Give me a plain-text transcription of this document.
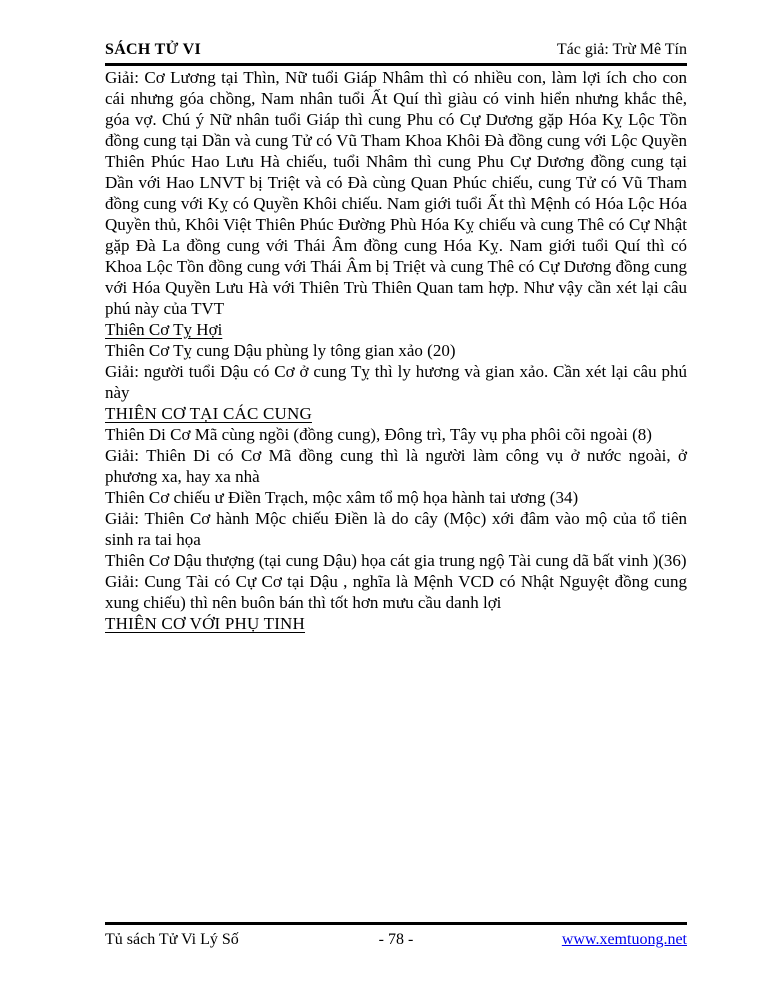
SÁCH TỬ VI	Tác giả: Trừ Mê Tín

Giải: Cơ Lương tại Thìn, Nữ tuổi Giáp Nhâm thì có nhiều con, làm lợi ích cho con cái nhưng góa chồng, Nam nhân tuổi Ất Quí thì giàu có vinh hiển nhưng khắc thê, góa vợ. Chú ý Nữ nhân tuổi Giáp thì cung Phu có Cự Dương gặp Hóa Kỵ Lộc Tồn đồng cung tại Dần và cung Tử có Vũ Tham Khoa Khôi Đà đồng cung với Lộc Quyền Thiên Phúc Hao Lưu Hà chiếu, tuổi Nhâm thì cung Phu Cự Dương đồng cung tại Dần với Hao LNVT bị Triệt và có Đà cùng Quan Phúc chiếu, cung Tử có Vũ Tham đồng cung với Kỵ có Quyền Khôi chiếu. Nam giới tuổi Ất thì Mệnh có Hóa Lộc Hóa Quyền thủ, Khôi Việt Thiên Phúc Đường Phù Hóa Kỵ chiếu và cung Thê có Cự Nhật gặp Đà La đồng cung với Thái Âm đồng cung Hóa Kỵ. Nam giới tuổi Quí thì có Khoa Lộc Tồn đồng cung với Thái Âm bị Triệt và cung Thê có Cự Dương đồng cung với Hóa Quyền Lưu Hà với Thiên Trù Thiên Quan tam hợp. Như vậy cần xét lại câu phú này của TVT

Thiên Cơ Tỵ Hợi

Thiên Cơ Tỵ cung Dậu phùng ly tông gian xảo (20)

Giải: người tuổi Dậu có Cơ ở cung Tỵ thì ly hương và gian xảo. Cần xét lại câu phú này

THIÊN CƠ TẠI CÁC CUNG

Thiên Di Cơ Mã cùng ngồi (đồng cung), Đông trì, Tây vụ pha phôi cõi ngoài (8)

Giải: Thiên Di có Cơ Mã đồng cung thì là người làm công vụ ở nước ngoài, ở phương xa, hay xa nhà

Thiên Cơ chiếu ư Điền Trạch, mộc xâm tổ mộ họa hành tai ương (34)

Giải: Thiên Cơ hành Mộc chiếu Điền là do cây (Mộc) xới đâm vào mộ của tổ tiên sinh ra tai họa

Thiên Cơ Dậu thượng (tại cung Dậu) họa cát gia trung ngộ Tài cung dã bất vinh )(36)

Giải: Cung Tài có Cự Cơ tại Dậu , nghĩa là Mệnh VCD có Nhật Nguyệt đồng cung xung chiếu) thì nên buôn bán thì tốt hơn mưu cầu danh lợi

THIÊN CƠ VỚI PHỤ TINH
Tủ sách Tử Vi Lý Số	- 78 -	www.xemtuong.net
